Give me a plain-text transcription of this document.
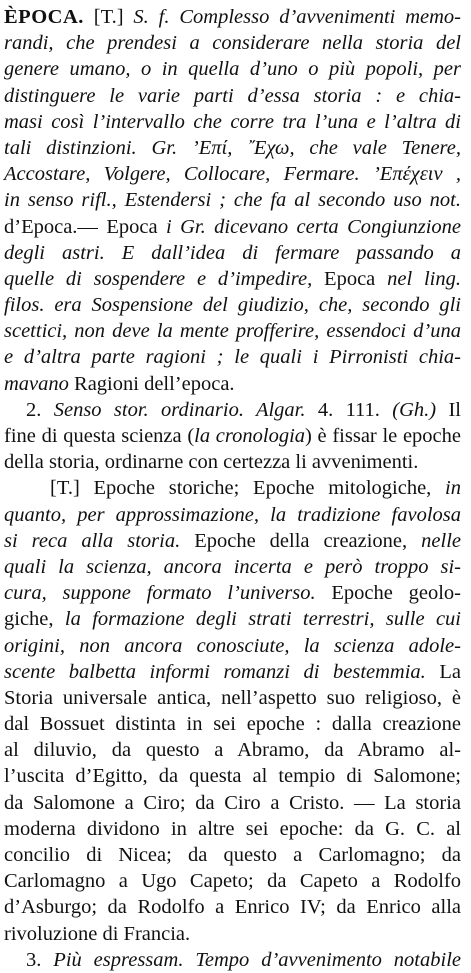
ÈPOCA. [T.] S. f. Complesso d’avvenimenti memo-
randi, che prendesi a considerare nella storia del
genere umano, o in quella d’uno o più popoli, per
distinguere le varie parti d’essa storia : e chia-
masi così l’intervallo che corre tra l’una e l’altra di
tali distinzioni. Gr. ’Επί, ῎Εχω, che vale Tenere,
Accostare, Volgere, Collocare, Fermare. ’Επέχειν ,
in senso rifl., Estendersi ; che fa al secondo uso not.
d’Epoca.— Epoca i Gr. dicevano certa Congiunzione
degli astri. E dall’idea di fermare passando a
quelle di sospendere e d’impedire, Epoca nel ling.
filos. era Sospensione del giudizio, che, secondo gli
scettici, non deve la mente profferire, essendoci d’una
e d’altra parte ragioni ; le quali i Pirronisti chia-
mavano Ragioni dell’epoca.
2. Senso stor. ordinario. Algar. 4. 111. (Gh.) Il
fine di questa scienza (la cronologia) è fissar le epoche
della storia, ordinarne con certezza li avvenimenti.
[T.] Epoche storiche; Epoche mitologiche, in
quanto, per approssimazione, la tradizione favolosa
si reca alla storia. Epoche della creazione, nelle
quali la scienza, ancora incerta e però troppo si-
cura, suppone formato l’universo. Epoche geolo-
giche, la formazione degli strati terrestri, sulle cui
origini, non ancora conosciute, la scienza adole-
scente balbetta informi romanzi di bestemmia. La
Storia universale antica, nell’aspetto suo religioso, è
dal Bossuet distinta in sei epoche : dalla creazione
al diluvio, da questo a Abramo, da Abramo al-
l’uscita d’Egitto, da questa al tempio di Salomone;
da Salomone a Ciro; da Ciro a Cristo. — La storia
moderna dividono in altre sei epoche: da G. C. al
concilio di Nicea; da questo a Carlomagno; da
Carlomagno a Ugo Capeto; da Capeto a Rodolfo
d’Asburgo; da Rodolfo a Enrico IV; da Enrico alla
rivoluzione di Francia.
3. Più espressam. Tempo d’avvenimento notabile
